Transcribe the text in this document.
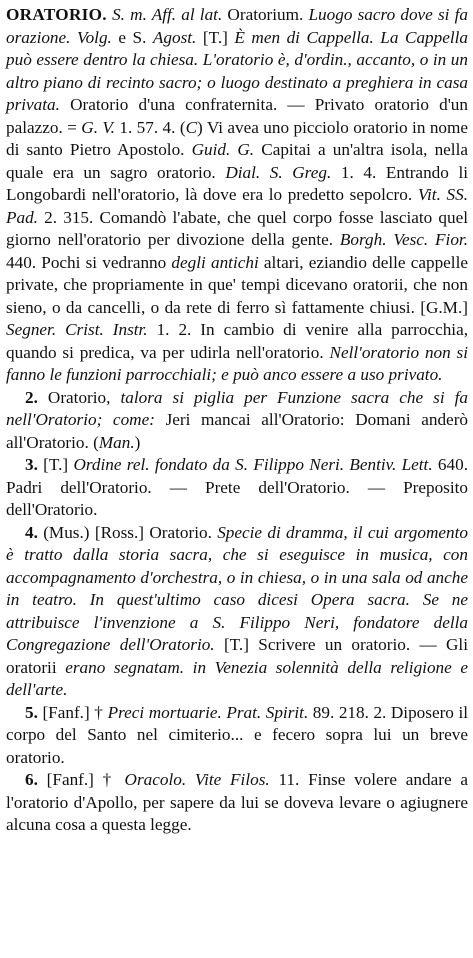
ORATORIO. S. m. Aff. al lat. Oratorium. Luogo sacro dove si fa orazione. Volg. e S. Agost. [T.] È men di Cappella. La Cappella può essere dentro la chiesa. L'oratorio è, d'ordin., accanto, o in un altro piano di recinto sacro; o luogo destinato a preghiera in casa privata. Oratorio d'una confraternita. — Privato oratorio d'un palazzo. = G. V. 1. 57. 4. (C) Vi avea uno picciolo oratorio in nome di santo Pietro Apostolo. Guid. G. Capitai a un'altra isola, nella quale era un sagro oratorio. Dial. S. Greg. 1. 4. Entrando li Longobardi nell'oratorio, là dove era lo predetto sepolcro. Vit. SS. Pad. 2. 315. Comandò l'abate, che quel corpo fosse lasciato quel giorno nell'oratorio per divozione della gente. Borgh. Vesc. Fior. 440. Pochi si vedranno degli antichi altari, eziandio delle cappelle private, che propriamente in que' tempi dicevano oratorii, che non sieno, o da cancelli, o da rete di ferro sì fattamente chiusi. [G.M.] Segner. Crist. Instr. 1. 2. In cambio di venire alla parrocchia, quando si predica, va per udirla nell'oratorio. Nell'oratorio non si fanno le funzioni parrocchiali; e può anco essere a uso privato.

2. Oratorio, talora si piglia per Funzione sacra che si fa nell'Oratorio; come: Jeri mancai all'Oratorio: Domani anderò all'Oratorio. (Man.)

3. [T.] Ordine rel. fondato da S. Filippo Neri. Bentiv. Lett. 640. Padri dell'Oratorio. — Prete dell'Oratorio. — Preposito dell'Oratorio.

4. (Mus.) [Ross.] Oratorio. Specie di dramma, il cui argomento è tratto dalla storia sacra, che si eseguisce in musica, con accompagnamento d'orchestra, o in chiesa, o in una sala od anche in teatro. In quest'ultimo caso dicesi Opera sacra. Se ne attribuisce l'invenzione a S. Filippo Neri, fondatore della Congregazione dell'Oratorio. [T.] Scrivere un oratorio. — Gli oratorii erano segnatam. in Venezia solennità della religione e dell'arte.

5. [Fanf.] † Preci mortuarie. Prat. Spirit. 89. 218. 2. Diposero il corpo del Santo nel cimiterio... e fecero sopra lui un breve oratorio.

6. [Fanf.] † Oracolo. Vite Filos. 11. Finse volere andare a l'oratorio d'Apollo, per sapere da lui se doveva levare o agiugnere alcuna cosa a questa legge.
